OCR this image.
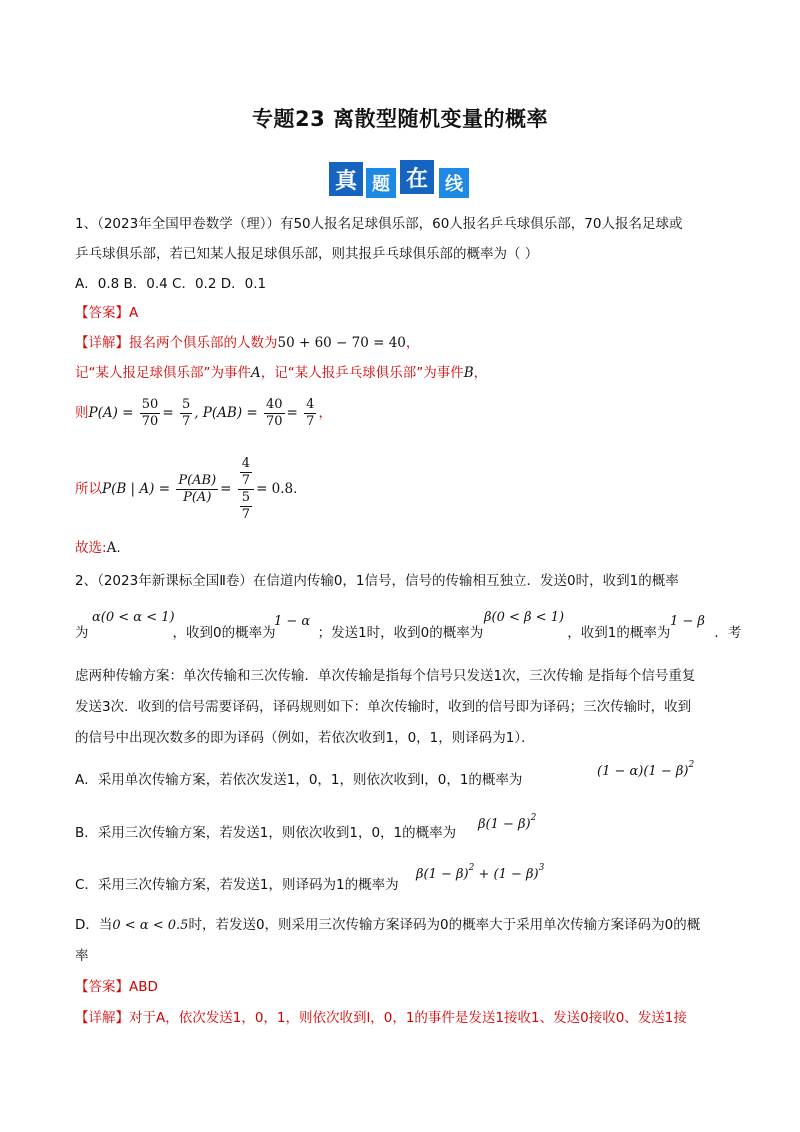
专题23 离散型随机变量的概率
真 题 在 线
1、（2023年全国甲卷数学（理））有50人报名足球俱乐部，60人报名乒乓球俱乐部，70人报名足球或
乒乓球俱乐部，若已知某人报足球俱乐部，则其报乒乓球俱乐部的概率为（ ）
A．0.8 B．0.4 C．0.2 D．0.1
【答案】A
【详解】报名两个俱乐部的人数为50 + 60 − 70 = 40，
记“某人报足球俱乐部”为事件A，记“某人报乒乓球俱乐部”为事件B，
则$P(A) = \frac{50}{70} = \frac{5}{7}$ , $P(AB) = \frac{40}{70} = \frac{4}{7}$ ，
所以P(B | $A) = \frac{P(AB)}{P(A)} = \frac{\frac{4}{7}}{\frac{5}{7}} = 0.8$.
故选:A.
2、（2023年新课标全国Ⅱ卷）在信道内传输0，1信号，信号的传输相互独立．发送0时，收到1的概率
α(0 < α < 1)
为	，收到0的概率为	；发送1时，收到0的概率为	，收到1的概率为	．考
1 − α	β(0 < β < 1)	1 − β
虑两种传输方案：单次传输和三次传输．单次传输是指每个信号只发送1次，三次传输 是指每个信号重复
发送3次．收到的信号需要译码，译码规则如下：单次传输时，收到的信号即为译码；三次传输时，收到
的信号中出现次数多的即为译码（例如，若依次收到1，0，1，则译码为1）．
A．采用单次传输方案，若依次发送1，0，1，则依次收到l，0，1的概率为
$(1 - \alpha)(1 - \beta)^2$
B．采用三次传输方案，若发送1，则依次收到1，0，1的概率为
$\beta(1 - \beta)^2$
C．采用三次传输方案，若发送1，则译码为1的概率为
$\beta(1 - \beta)^2 + (1 - \beta)^3$
D．当0 < α < 0.5时，若发送0，则采用三次传输方案译码为0的概率大于采用单次传输方案译码为0的概
率
【答案】ABD
【详解】对于A，依次发送1，0，1，则依次收到l，0，1的事件是发送1接收1、发送0接收0、发送1接
